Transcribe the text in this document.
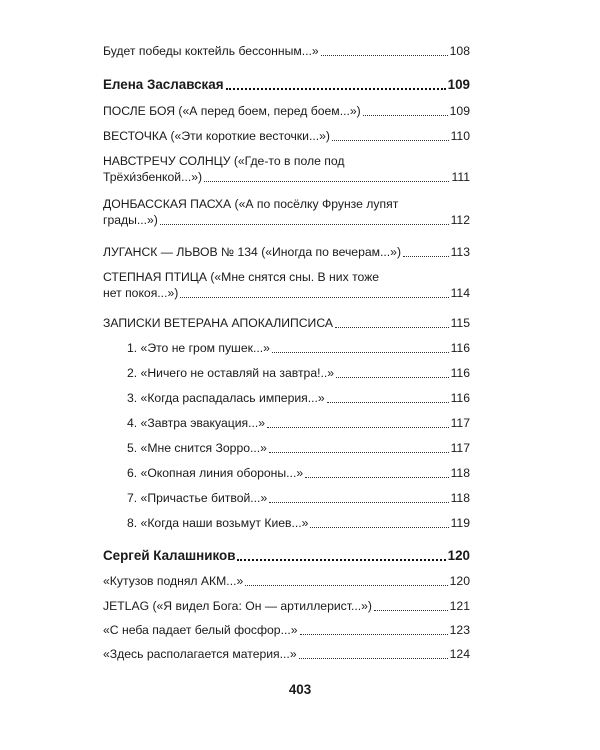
Будет победы коктейль бессонным...»	108
Елена Заславская	109
ПОСЛЕ БОЯ («А перед боем, перед боем...»)	109
ВЕСТОЧКА («Эти короткие весточки...»)	110
НАВСТРЕЧУ СОЛНЦУ («Где-то в поле под
Трёхи́збенкой...»)	111
ДОНБАССКАЯ ПАСХА («А по посёлку Фрунзе лупят
грады...»)	112
ЛУГАНСК — ЛЬВОВ № 134 («Иногда по вечерам...»)	113
СТЕПНАЯ ПТИЦА («Мне снятся сны. В них тоже
нет покоя...»)	114
ЗАПИСКИ ВЕТЕРАНА АПОКАЛИПСИСА	115
1. «Это не гром пушек...»	116
2. «Ничего не оставляй на завтра!..»	116
3. «Когда распадалась империя...»	116
4. «Завтра эвакуация...»	117
5. «Мне снится Зорро...»	117
6. «Окопная линия обороны...»	118
7. «Причастье битвой...»	118
8. «Когда наши возьмут Киев...»	119
Сергей Калашников	120
«Кутузов поднял АКМ...»	120
JETLAG («Я видел Бога: Он — артиллерист...»)	121
«С неба падает белый фосфор...»	123
«Здесь располагается материя...»	124
403
